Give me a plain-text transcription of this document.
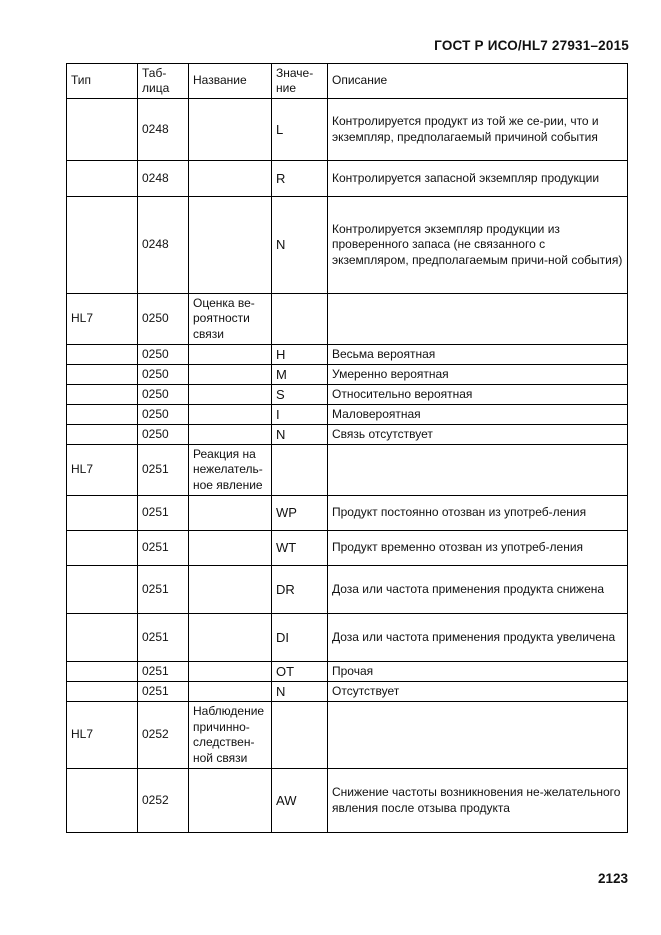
ГОСТ Р ИСО/HL7 27931–2015
Тип	Таб-лица	Название	Значе-ние	Описание
	0248		L	Контролируется продукт из той же се-рии, что и экземпляр, предполагаемый причиной события
	0248		R	Контролируется запасной экземпляр продукции
	0248		N	Контролируется экземпляр продукции из проверенного запаса (не связанного с экземпляром, предполагаемым причи-ной события)
HL7	0250	Оценка ве-роятности связи		
	0250		H	Весьма вероятная
	0250		M	Умеренно вероятная
	0250		S	Относительно вероятная
	0250		I	Маловероятная
	0250		N	Связь отсутствует
HL7	0251	Реакция на нежелатель-ное явление		
	0251		WP	Продукт постоянно отозван из употреб-ления
	0251		WT	Продукт временно отозван из употреб-ления
	0251		DR	Доза или частота применения продукта снижена
	0251		DI	Доза или частота применения продукта увеличена
	0251		OT	Прочая
	0251		N	Отсутствует
HL7	0252	Наблюдение причинно-следствен-ной связи		
	0252		AW	Снижение частоты возникновения не-желательного явления после отзыва продукта
2123
